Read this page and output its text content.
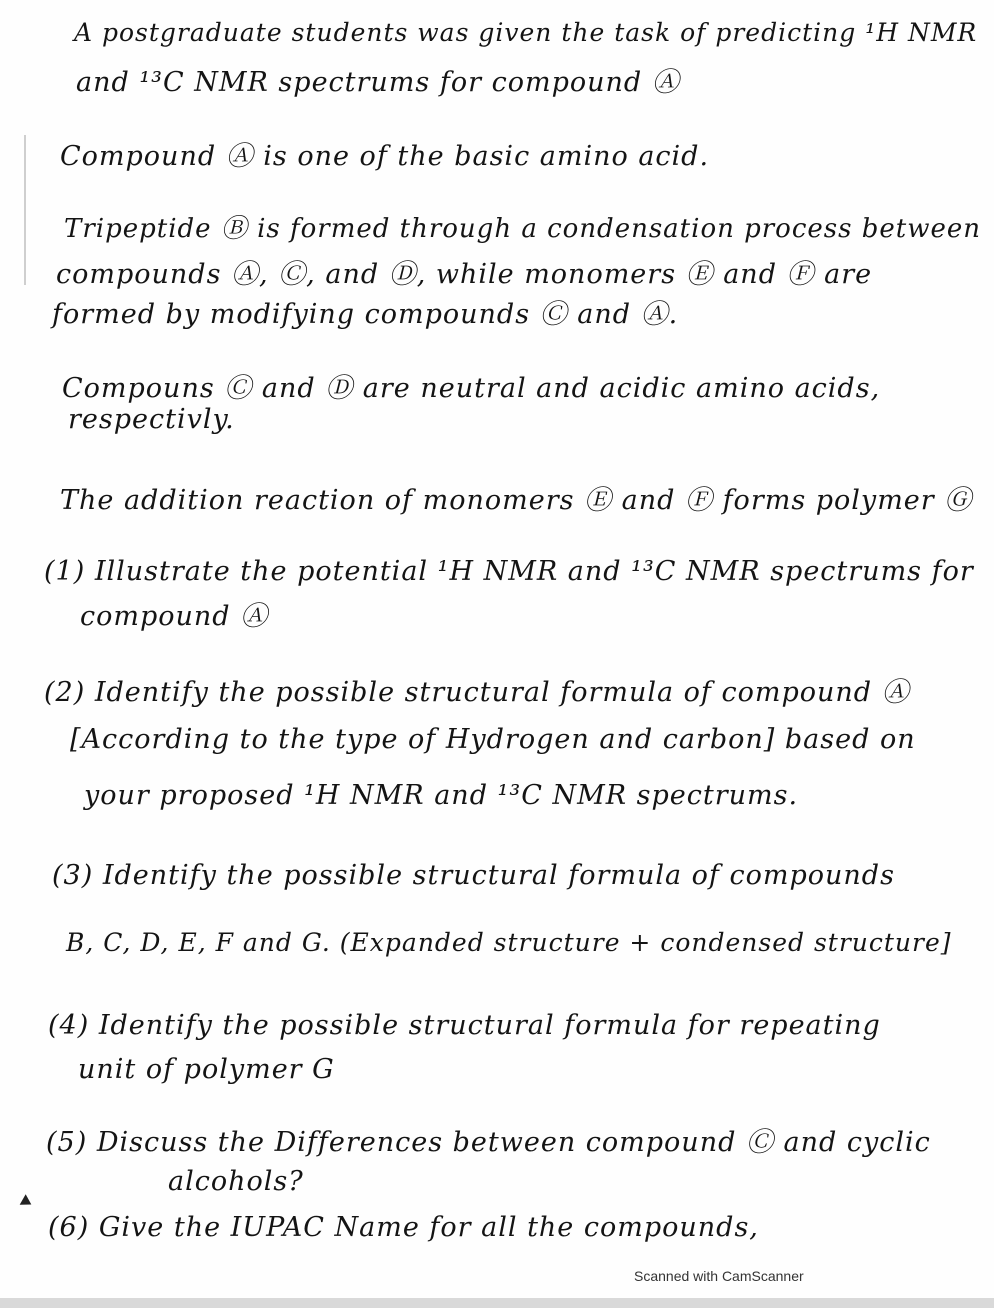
A postgraduate students was given the task of predicting ¹H NMR
and ¹³C NMR spectrums for compound Ⓐ
Compound Ⓐ is one of the basic amino acid.
Tripeptide Ⓑ is formed through a condensation process between
compounds Ⓐ, Ⓒ, and Ⓓ, while monomers Ⓔ and Ⓕ are
formed by modifying compounds Ⓒ and Ⓐ.
Compouns Ⓒ and Ⓓ are neutral and acidic amino acids,
respectivly.
The addition reaction of monomers Ⓔ and Ⓕ forms polymer Ⓖ
(1) Illustrate the potential ¹H NMR and ¹³C NMR spectrums for
compound Ⓐ
(2) Identify the possible structural formula of compound Ⓐ
[According to the type of Hydrogen and carbon] based on
your proposed ¹H NMR and ¹³C NMR spectrums.
(3) Identify the possible structural formula of compounds
B, C, D, E, F and G. (Expanded structure + condensed structure]
(4) Identify the possible structural formula for repeating
unit of polymer G
(5) Discuss the Differences between compound Ⓒ and cyclic
alcohols?
(6) Give the IUPAC Name for all the compounds,
Scanned with CamScanner
